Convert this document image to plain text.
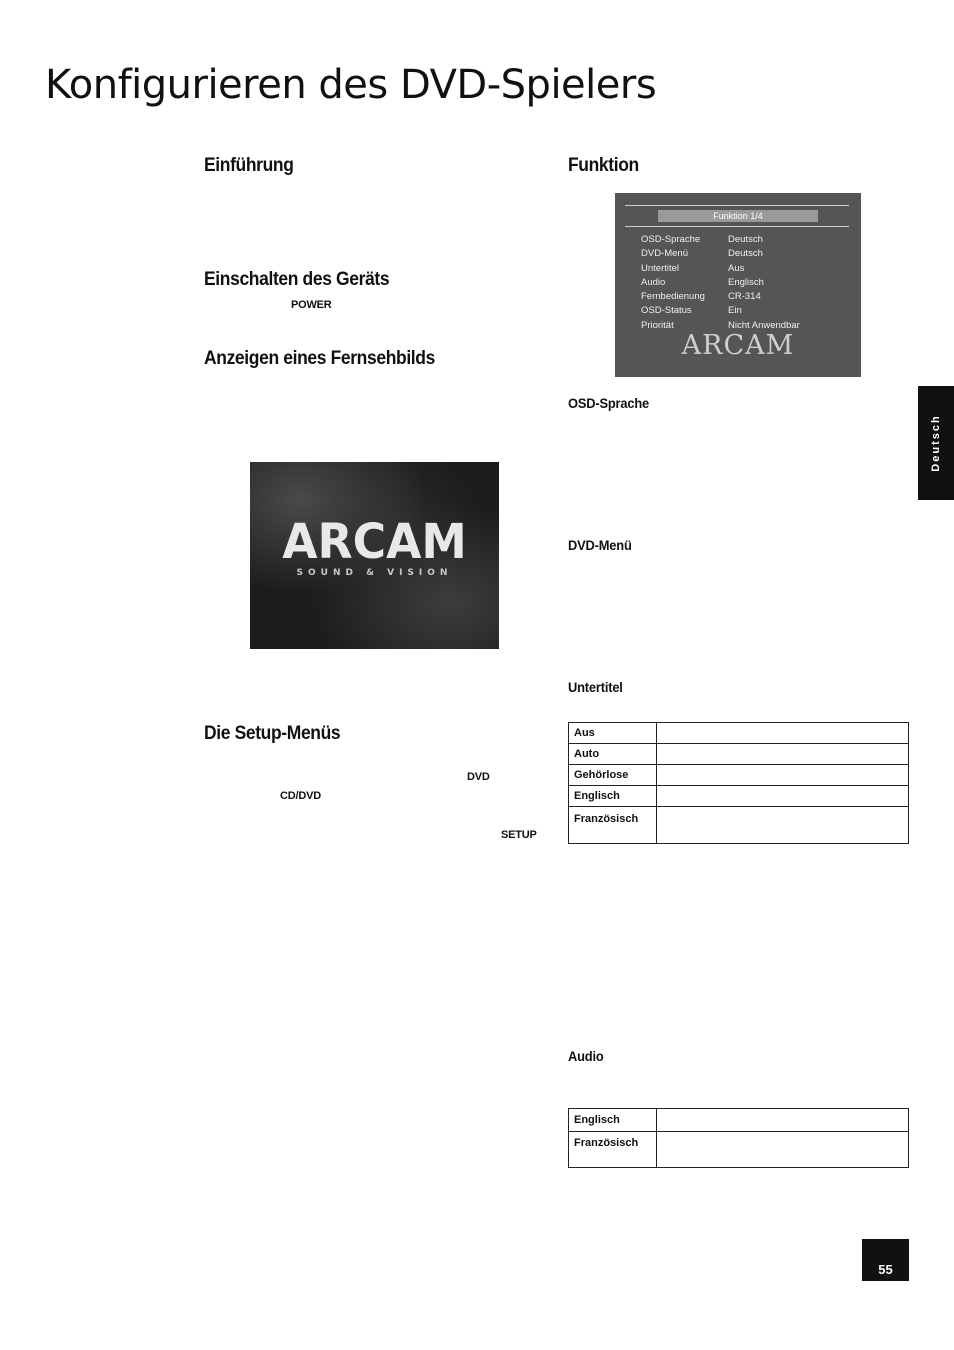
Konfigurieren des DVD-Spielers
Einführung
Einschalten des Geräts
POWER
Anzeigen eines Fernsehbilds
ARCAM
SOUND & VISION
Die Setup-Menüs
DVD
CD/DVD
SETUP
Funktion
Funktion 1/4
OSD-Sprache	Deutsch
DVD-Menü	Deutsch
Untertitel	Aus
Audio	Englisch
Fernbedienung	CR-314
OSD-Status	Ein
Priorität	Nicht Anwendbar
ARCAM
OSD-Sprache
DVD-Menü
Untertitel
Aus	
Auto	
Gehörlose	
Englisch	
Französisch	
Audio
Englisch	
Französisch	
Deutsch
55
